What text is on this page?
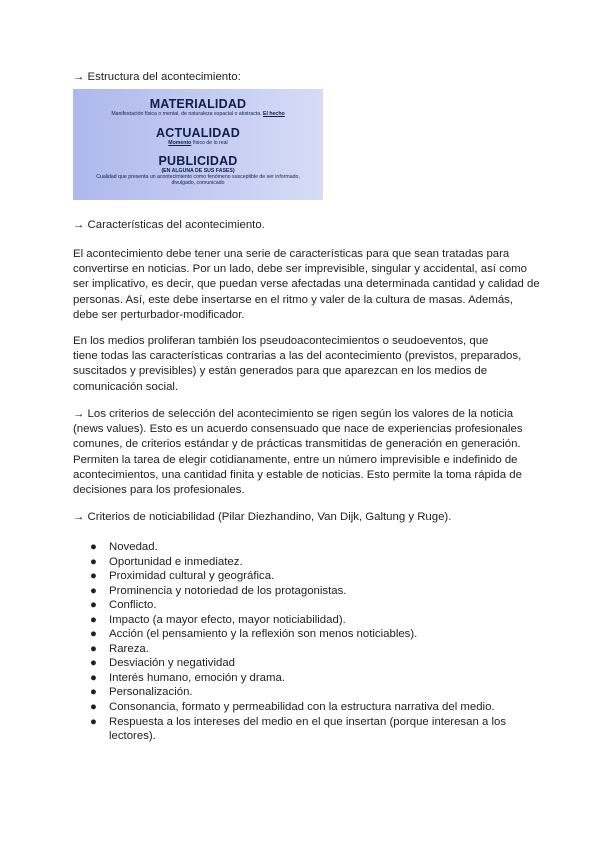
→ Estructura del acontecimiento:
MATERIALIDAD
Manifestación física o mental, de naturaleza espacial o abstracta. El hecho
ACTUALIDAD
Momento físico de lo real
PUBLICIDAD
(EN ALGUNA DE SUS FASES)
Cualidad que presenta un acontecimiento como fenómeno susceptible de ser informado,
divulgado, comunicado
→ Características del acontecimiento.
El acontecimiento debe tener una serie de características para que sean tratadas para
convertirse en noticias. Por un lado, debe ser imprevisible, singular y accidental, así como
ser implicativo, es decir, que puedan verse afectadas una determinada cantidad y calidad de
personas. Así, este debe insertarse en el ritmo y valer de la cultura de masas. Además,
debe ser perturbador-modificador.
En los medios proliferan también los pseudoacontecimientos o seudoeventos, que
tiene todas las características contrarias a las del acontecimiento (previstos, preparados,
suscitados y previsibles) y están generados para que aparezcan en los medios de
comunicación social.
→ Los criterios de selección del acontecimiento se rigen según los valores de la noticia
(news values). Esto es un acuerdo consensuado que nace de experiencias profesionales
comunes, de criterios estándar y de prácticas transmitidas de generación en generación.
Permiten la tarea de elegir cotidianamente, entre un número imprevisible e indefinido de
acontecimientos, una cantidad finita y estable de noticias. Esto permite la toma rápida de
decisiones para los profesionales.
→ Criterios de noticiabilidad (Pilar Diezhandino, Van Dijk, Galtung y Ruge).
● Novedad.
● Oportunidad e inmediatez.
● Proximidad cultural y geográfica.
● Prominencia y notoriedad de los protagonistas.
● Conflicto.
● Impacto (a mayor efecto, mayor noticiabilidad).
● Acción (el pensamiento y la reflexión son menos noticiables).
● Rareza.
● Desviación y negatividad
● Interés humano, emoción y drama.
● Personalización.
● Consonancia, formato y permeabilidad con la estructura narrativa del medio.
● Respuesta a los intereses del medio en el que insertan (porque interesan a los
lectores).
